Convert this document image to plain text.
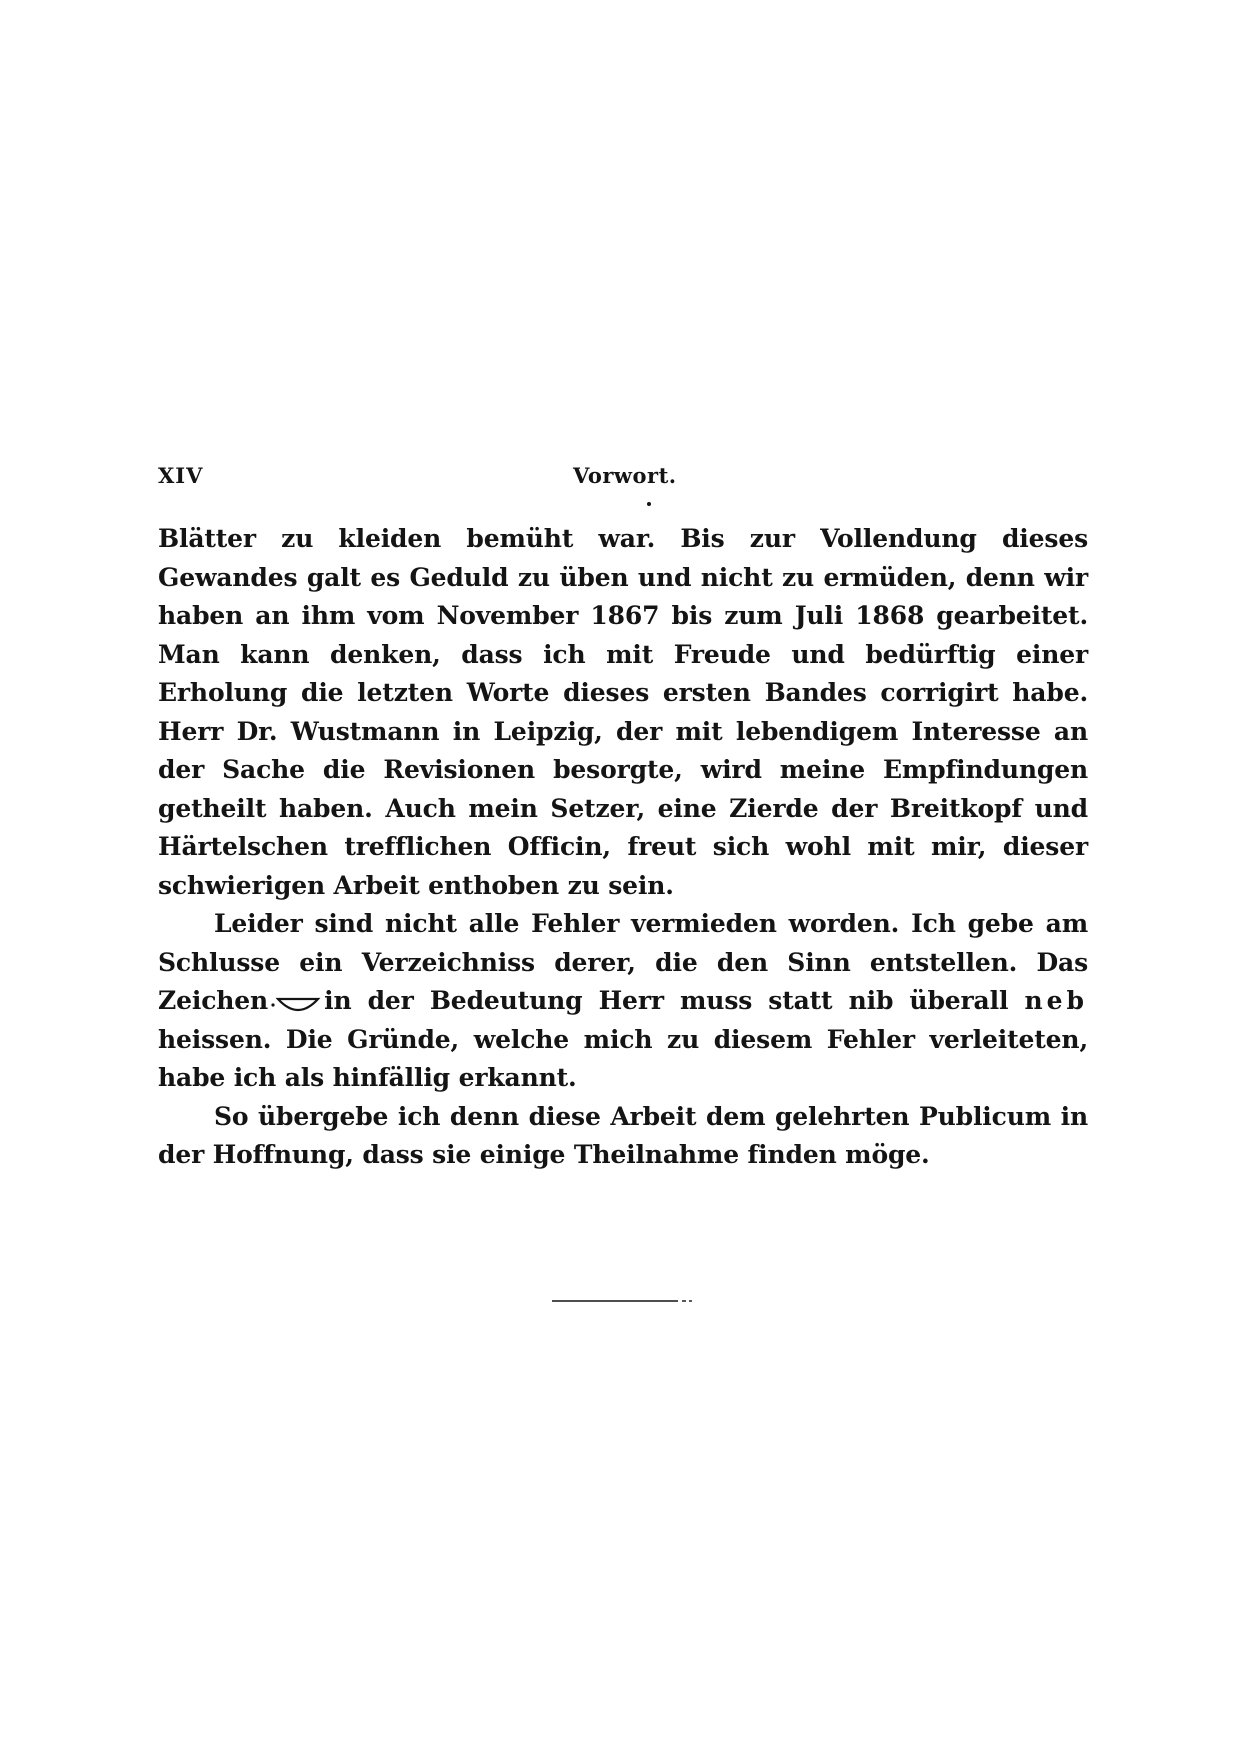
XIV	Vorwort.

Blätter zu kleiden bemüht war. Bis zur Vollendung dieses Gewandes galt es Geduld zu üben und nicht zu ermüden, denn wir haben an ihm vom November 1867 bis zum Juli 1868 gearbeitet. Man kann denken, dass ich mit Freude und bedürftig einer Erholung die letzten Worte dieses ersten Bandes corrigirt habe. Herr Dr. Wustmann in Leipzig, der mit lebendigem Interesse an der Sache die Revisionen besorgte, wird meine Empfindungen getheilt haben. Auch mein Setzer, eine Zierde der Breitkopf und Härtelschen trefflichen Officin, freut sich wohl mit mir, dieser schwierigen Arbeit enthoben zu sein.

Leider sind nicht alle Fehler vermieden worden. Ich gebe am Schlusse ein Verzeichniss derer, die den Sinn entstellen. Das Zeichen in der Bedeutung Herr muss statt nib überall neb heissen. Die Gründe, welche mich zu diesem Fehler verleiteten, habe ich als hinfällig erkannt.

So übergebe ich denn diese Arbeit dem gelehrten Publicum in der Hoffnung, dass sie einige Theilnahme finden möge.
